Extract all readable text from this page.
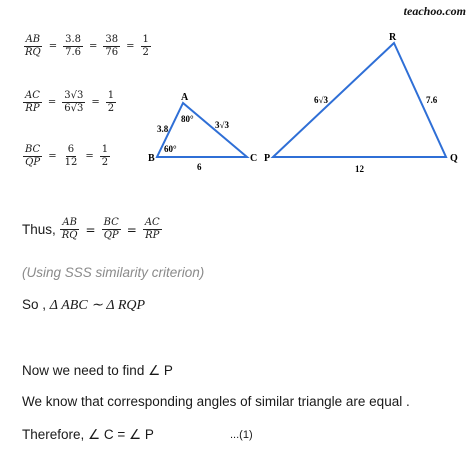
teachoo.com
$\frac{AB}{RQ} = \frac{3.8}{7.6} = \frac{38}{76} = \frac{1}{2}$
$\frac{AC}{RP} = \frac{3√3}{6√3} = \frac{1}{2}$
$\frac{BC}{QP} = \frac{6}{12} = \frac{1}{2}$
A
B	C
3.8	3√3
6
80°
60°
R
P	Q
6√3	7.6
12
Thus, $\frac{AB}{RQ} = \frac{BC}{QP} = \frac{AC}{RP}$
(Using SSS similarity criterion)
So , Δ ABC ∼ Δ RQP
Now we need to find ∠ P
We know that corresponding angles of similar triangle are equal .
Therefore, ∠ C = ∠ P	...(1)
